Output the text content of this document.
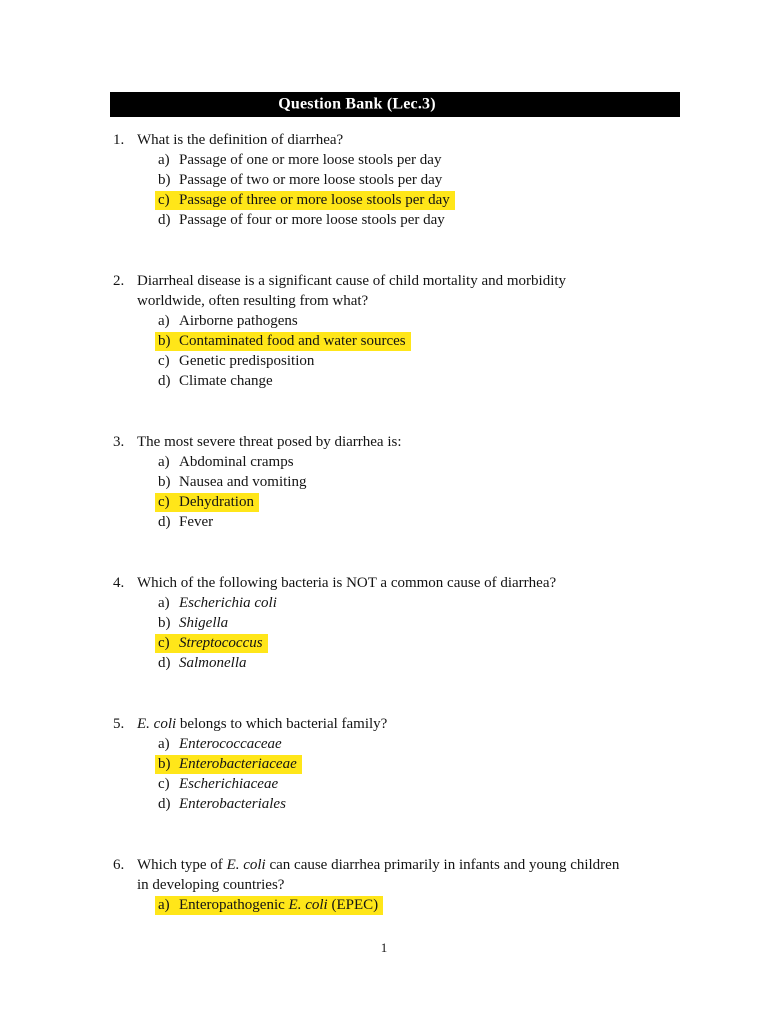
Question Bank (Lec.3)
1. What is the definition of diarrhea?
a) Passage of one or more loose stools per day
b) Passage of two or more loose stools per day
c) Passage of three or more loose stools per day
d) Passage of four or more loose stools per day
2. Diarrheal disease is a significant cause of child mortality and morbidity
worldwide, often resulting from what?
a) Airborne pathogens
b) Contaminated food and water sources
c) Genetic predisposition
d) Climate change
3. The most severe threat posed by diarrhea is:
a) Abdominal cramps
b) Nausea and vomiting
c) Dehydration
d) Fever
4. Which of the following bacteria is NOT a common cause of diarrhea?
a) Escherichia coli
b) Shigella
c) Streptococcus
d) Salmonella
5. E. coli belongs to which bacterial family?
a) Enterococcaceae
b) Enterobacteriaceae
c) Escherichiaceae
d) Enterobacteriales
6. Which type of E. coli can cause diarrhea primarily in infants and young children
in developing countries?
a) Enteropathogenic E. coli (EPEC)
1
